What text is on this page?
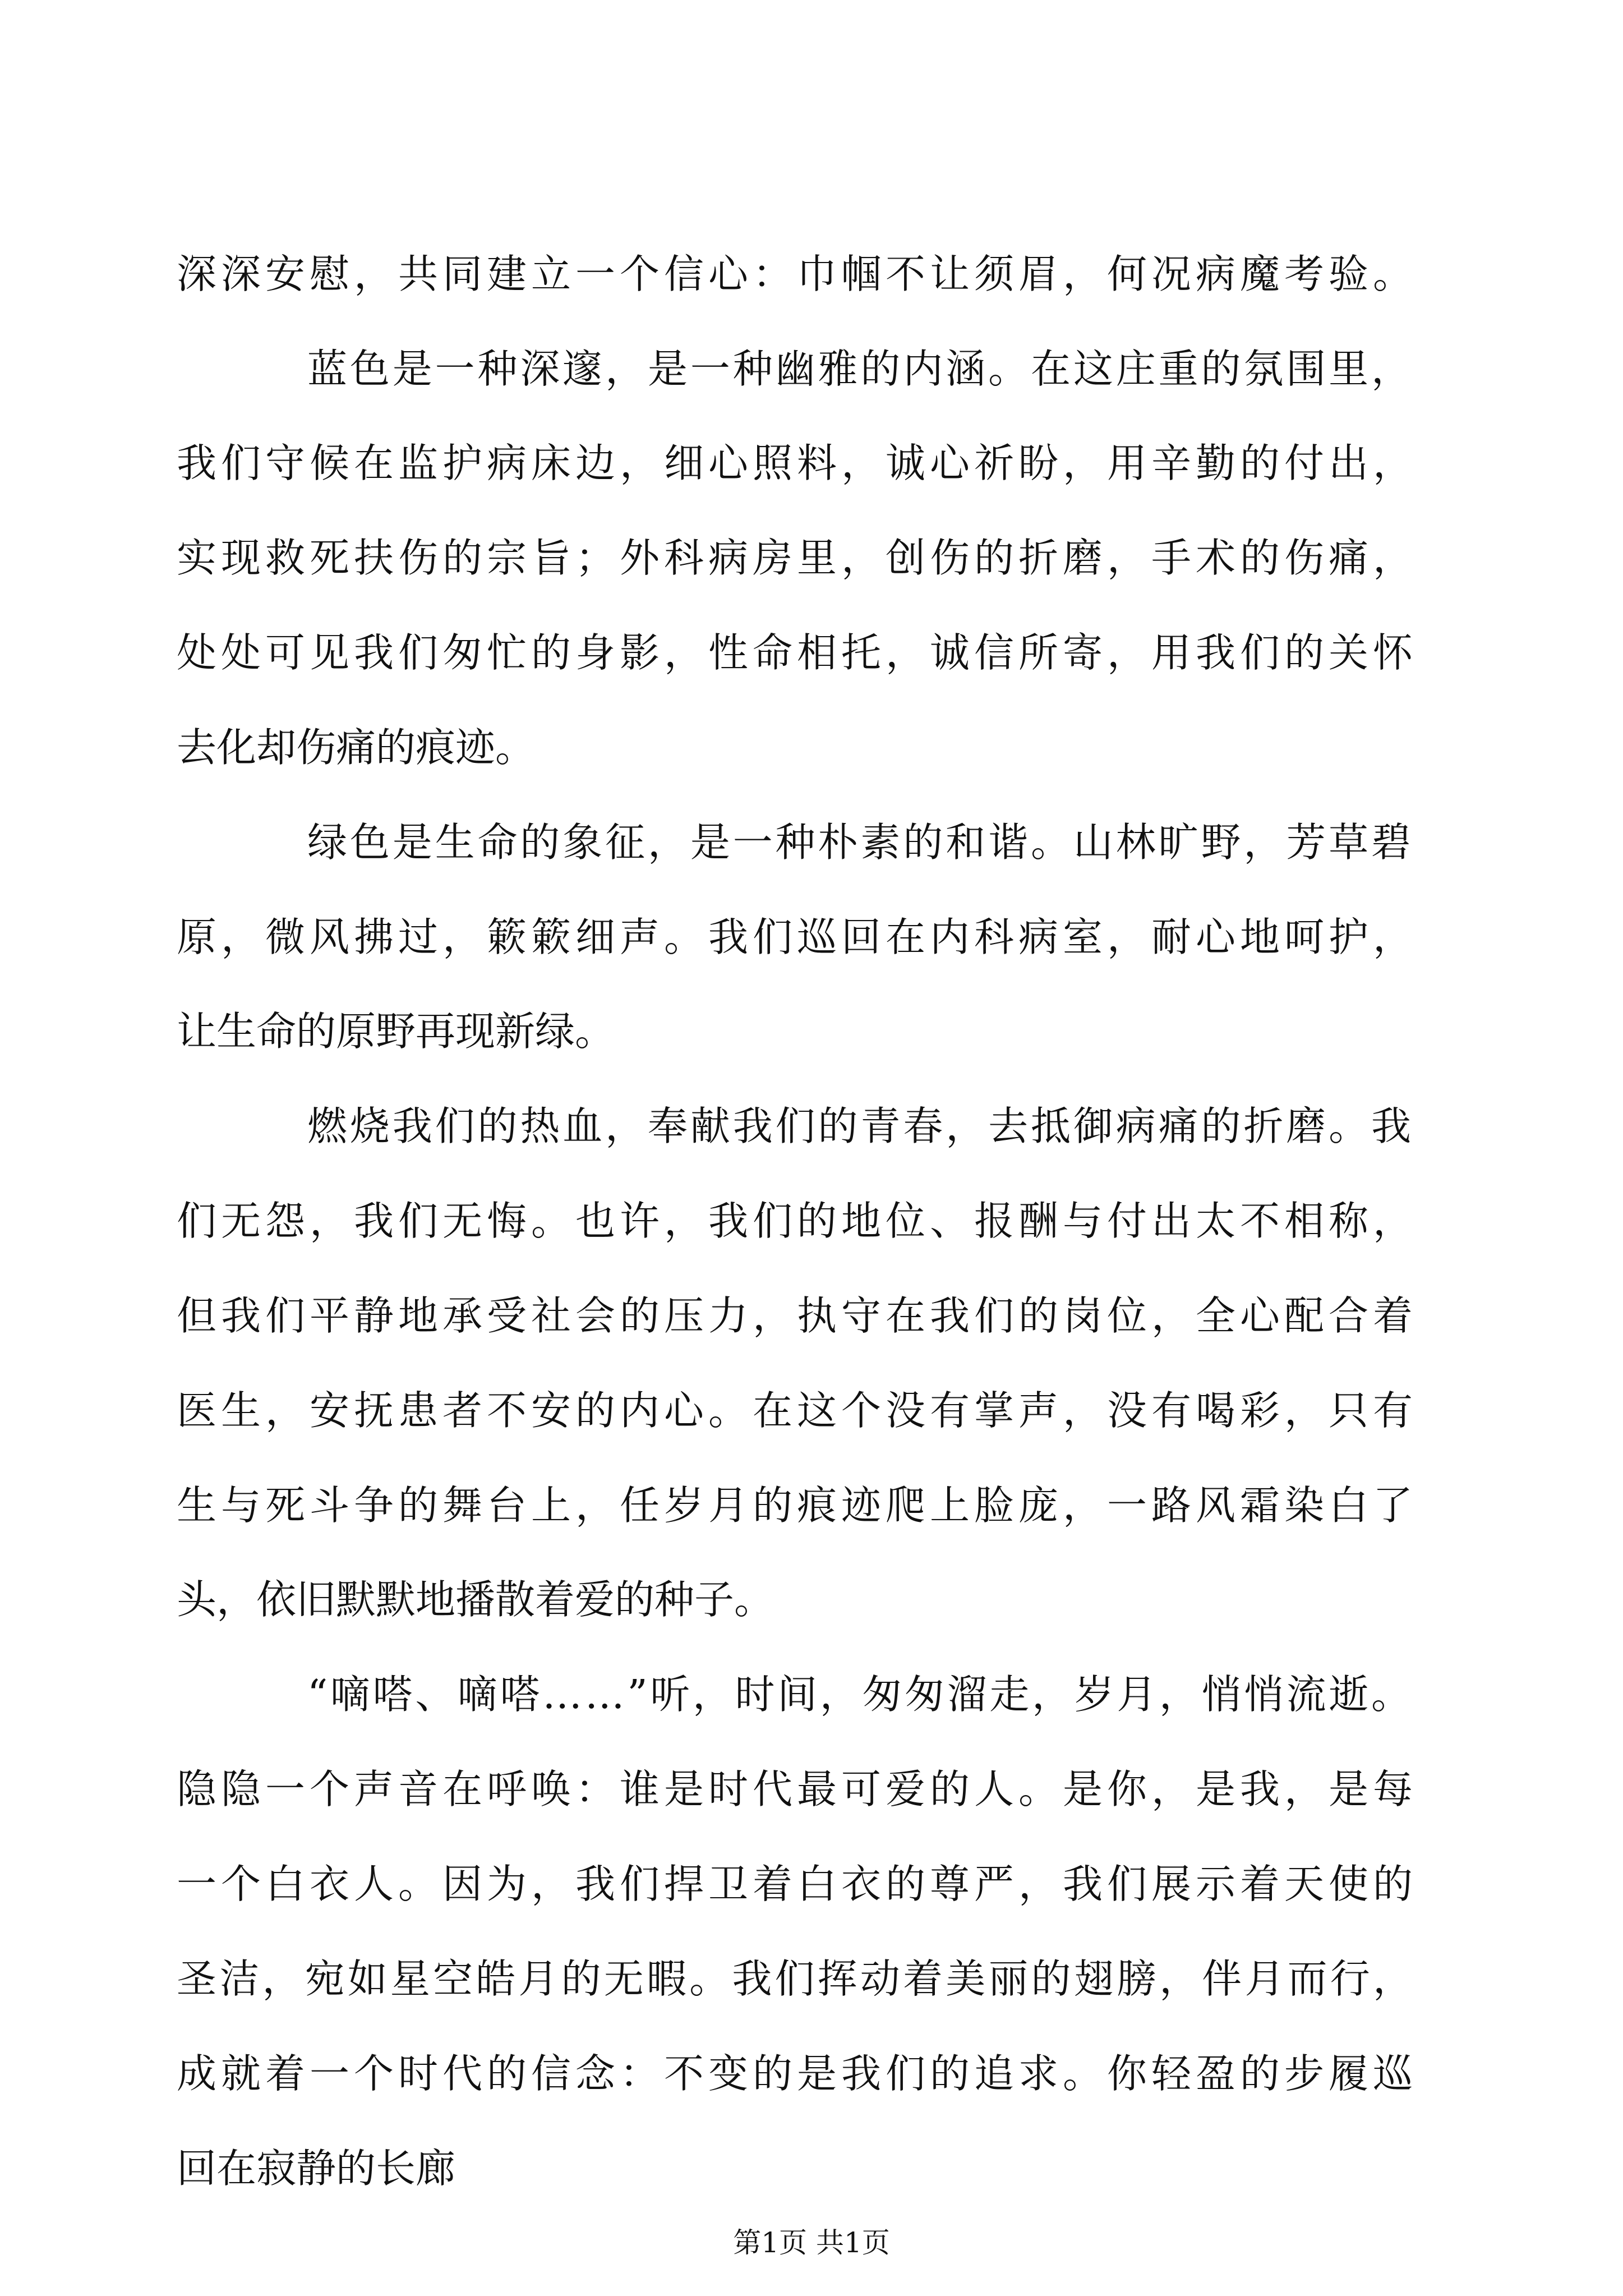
深深安慰，共同建立一个信心：巾帼不让须眉，何况病魔考验。
蓝色是一种深邃，是一种幽雅的内涵。在这庄重的氛围里，
我们守候在监护病床边，细心照料，诚心祈盼，用辛勤的付出，
实现救死扶伤的宗旨；外科病房里，创伤的折磨，手术的伤痛，
处处可见我们匆忙的身影，性命相托，诚信所寄，用我们的关怀
去化却伤痛的痕迹。
绿色是生命的象征，是一种朴素的和谐。山林旷野，芳草碧
原，微风拂过，簌簌细声。我们巡回在内科病室，耐心地呵护，
让生命的原野再现新绿。
燃烧我们的热血，奉献我们的青春，去抵御病痛的折磨。我
们无怨，我们无悔。也许，我们的地位、报酬与付出太不相称，
但我们平静地承受社会的压力，执守在我们的岗位，全心配合着
医生，安抚患者不安的内心。在这个没有掌声，没有喝彩，只有
生与死斗争的舞台上，任岁月的痕迹爬上脸庞，一路风霜染白了
头，依旧默默地播散着爱的种子。
“嘀嗒、嘀嗒……”听，时间，匆匆溜走，岁月，悄悄流逝。
隐隐一个声音在呼唤：谁是时代最可爱的人。是你，是我，是每
一个白衣人。因为，我们捍卫着白衣的尊严，我们展示着天使的
圣洁，宛如星空皓月的无暇。我们挥动着美丽的翅膀，伴月而行，
成就着一个时代的信念：不变的是我们的追求。你轻盈的步履巡
回在寂静的长廊
第1页 共1页
